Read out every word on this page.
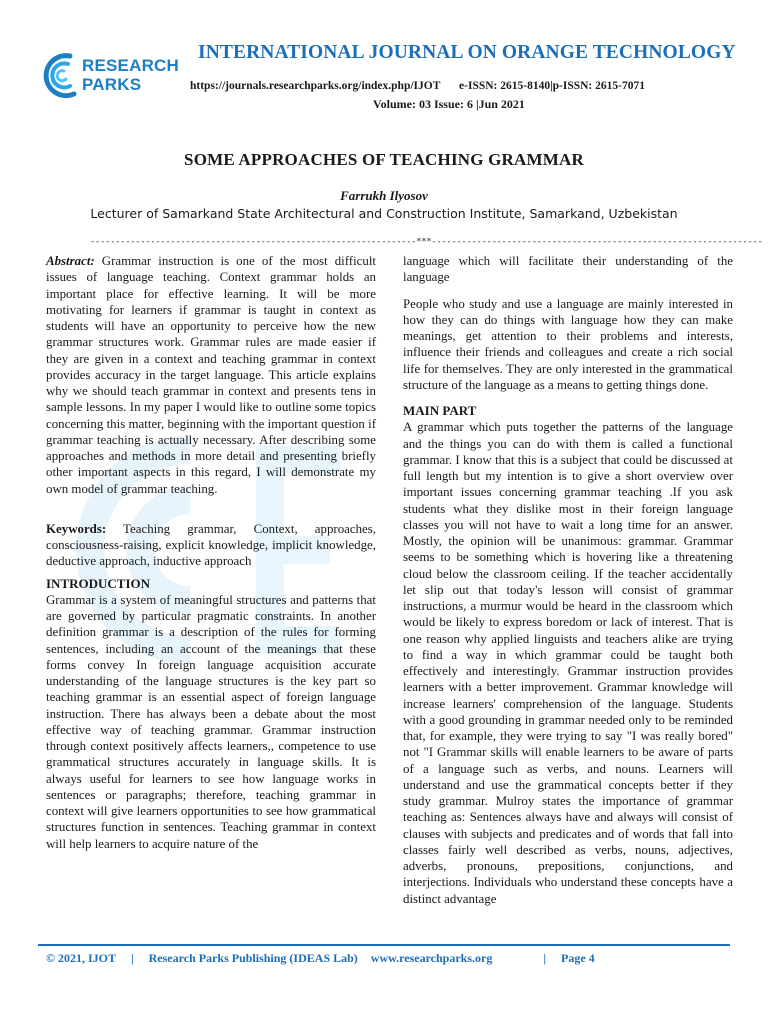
RESEARCH
PARKS
INTERNATIONAL JOURNAL ON ORANGE TECHNOLOGY
https://journals.researchparks.org/index.php/IJOT e-ISSN: 2615-8140|p-ISSN: 2615-7071
Volume: 03 Issue: 6 |Jun 2021
SOME APPROACHES OF TEACHING GRAMMAR
Farrukh Ilyosov
Lecturer of Samarkand State Architectural and Construction Institute, Samarkand, Uzbekistan
-----------------------------------------------------------------***------------------------------------------------------------------

Abstract: Grammar instruction is one of the most difficult issues of language teaching. Context grammar holds an important place for effective learning. It will be more motivating for learners if grammar is taught in context as students will have an opportunity to perceive how the new grammar structures work. Grammar rules are made easier if they are given in a context and teaching grammar in context provides accuracy in the target language. This article explains why we should teach grammar in context and presents tens in sample lessons. In my paper I would like to outline some topics concerning this matter, beginning with the important question if grammar teaching is actually necessary. After describing some approaches and methods in more detail and presenting briefly other important aspects in this regard, I will demonstrate my own model of grammar teaching.

Keywords: Teaching grammar, Context, approaches, consciousness-raising, explicit knowledge, implicit knowledge, deductive approach, inductive approach

INTRODUCTION

Grammar is a system of meaningful structures and patterns that are governed by particular pragmatic constraints. In another definition grammar is a description of the rules for forming sentences, including an account of the meanings that these forms convey In foreign language acquisition accurate understanding of the language structures is the key part so teaching grammar is an essential aspect of foreign language instruction. There has always been a debate about the most effective way of teaching grammar. Grammar instruction through context positively affects learners,, competence to use grammatical structures accurately in language skills. It is always useful for learners to see how language works in sentences or paragraphs; therefore, teaching grammar in context will give learners opportunities to see how grammatical structures function in sentences. Teaching grammar in context will help learners to acquire nature of the

language which will facilitate their understanding of the language

People who study and use a language are mainly interested in how they can do things with language how they can make meanings, get attention to their problems and interests, influence their friends and colleagues and create a rich social life for themselves. They are only interested in the grammatical structure of the language as a means to getting things done.

MAIN PART

A grammar which puts together the patterns of the language and the things you can do with them is called a functional grammar. I know that this is a subject that could be discussed at full length but my intention is to give a short overview over important issues concerning grammar teaching .If you ask students what they dislike most in their foreign language classes you will not have to wait a long time for an answer. Mostly, the opinion will be unanimous: grammar. Grammar seems to be something which is hovering like a threatening cloud below the classroom ceiling. If the teacher accidentally let slip out that today's lesson will consist of grammar instructions, a murmur would be heard in the classroom which would be likely to express boredom or lack of interest. That is one reason why applied linguists and teachers alike are trying to find a way in which grammar could be taught both effectively and interestingly. Grammar instruction provides learners with a better improvement. Grammar knowledge will increase learners' comprehension of the language. Students with a good grounding in grammar needed only to be reminded that, for example, they were trying to say "I was really bored" not "I Grammar skills will enable learners to be aware of parts of a language such as verbs, and nouns. Learners will understand and use the grammatical concepts better if they study grammar. Mulroy states the importance of grammar teaching as: Sentences always have and always will consist of clauses with subjects and predicates and of words that fall into classes fairly well described as verbs, nouns, adjectives, adverbs, pronouns, prepositions, conjunctions, and interjections. Individuals who understand these concepts have a distinct advantage

© 2021, IJOT | Research Parks Publishing (IDEAS Lab) www.researchparks.org	| Page 4
